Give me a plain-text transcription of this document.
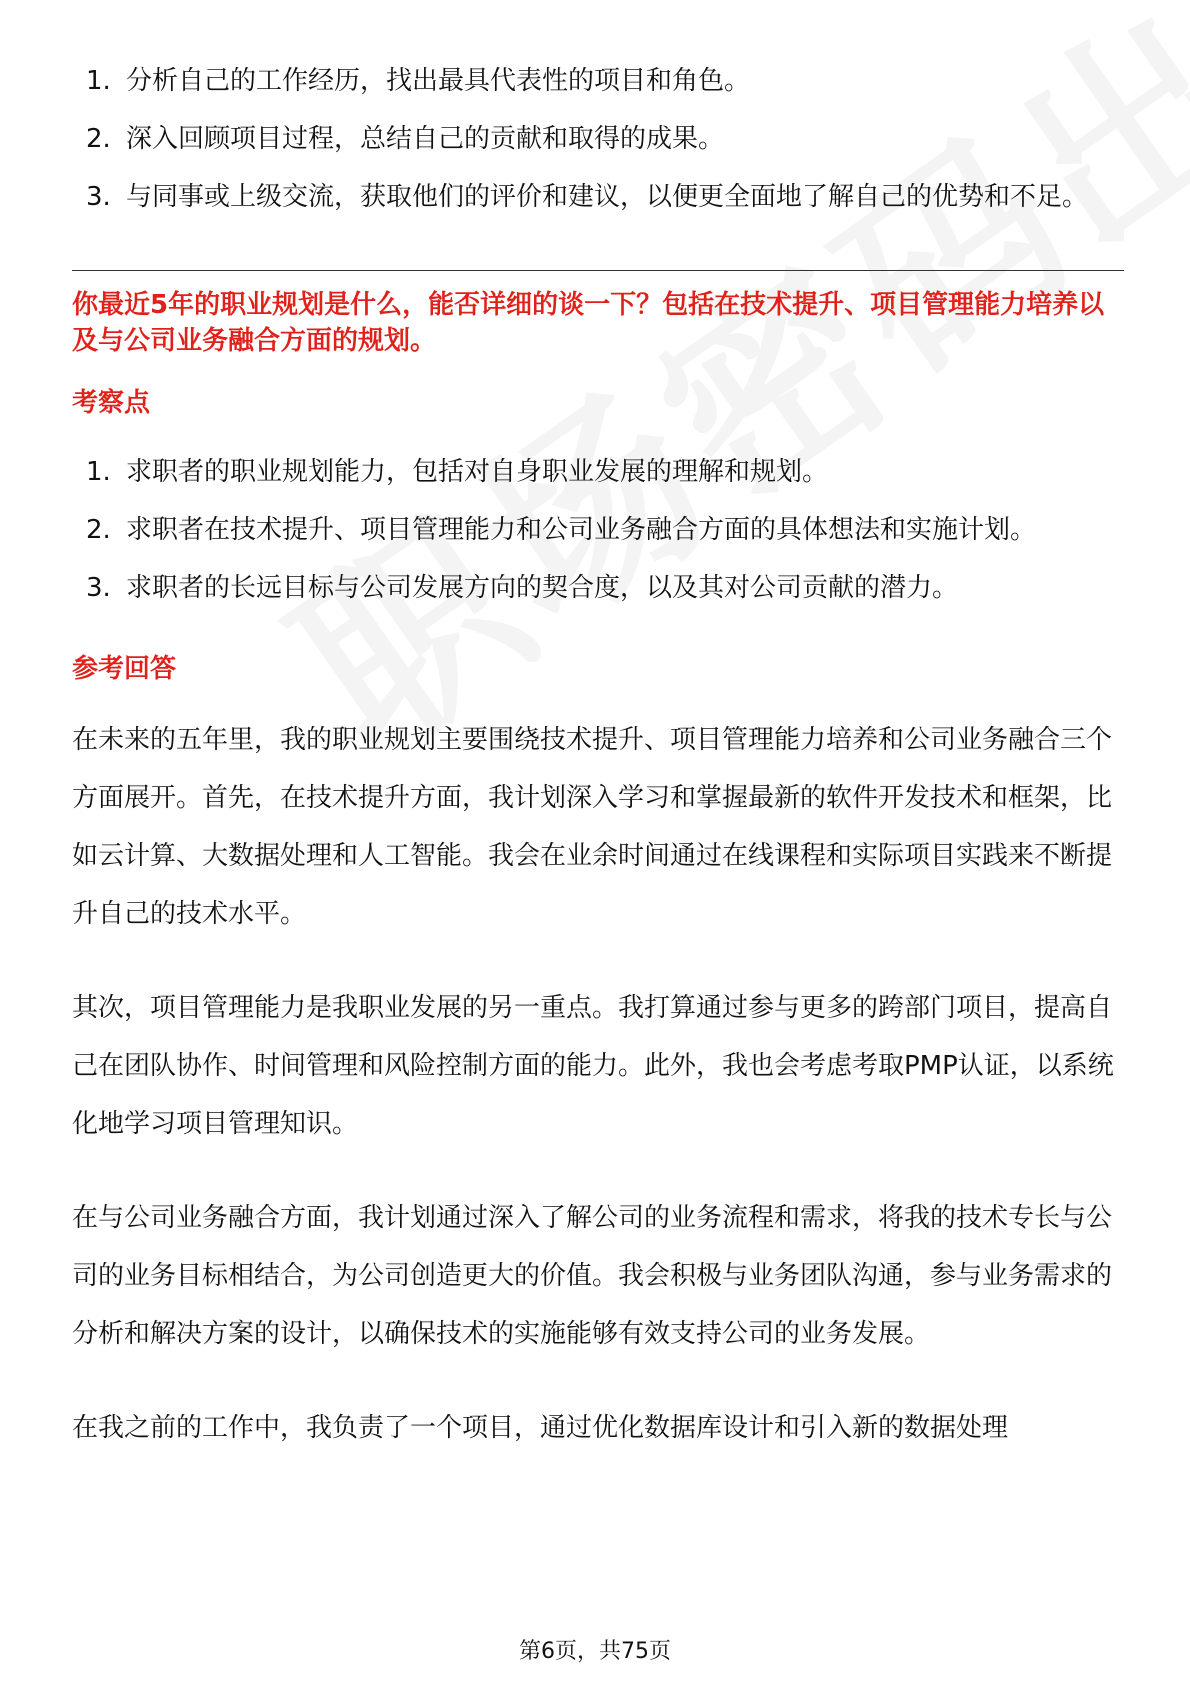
1. 分析自己的工作经历，找出最具代表性的项目和角色。
2. 深入回顾项目过程，总结自己的贡献和取得的成果。
3. 与同事或上级交流，获取他们的评价和建议，以便更全面地了解自己的优势和不足。

你最近5年的职业规划是什么，能否详细的谈一下？包括在技术提升、项目管理能力培养以及与公司业务融合方面的规划。

考察点
1. 求职者的职业规划能力，包括对自身职业发展的理解和规划。
2. 求职者在技术提升、项目管理能力和公司业务融合方面的具体想法和实施计划。
3. 求职者的长远目标与公司发展方向的契合度，以及其对公司贡献的潜力。
参考回答

在未来的五年里，我的职业规划主要围绕技术提升、项目管理能力培养和公司业务融合三个方面展开。首先，在技术提升方面，我计划深入学习和掌握最新的软件开发技术和框架，比如云计算、大数据处理和人工智能。我会在业余时间通过在线课程和实际项目实践来不断提升自己的技术水平。

其次，项目管理能力是我职业发展的另一重点。我打算通过参与更多的跨部门项目，提高自己在团队协作、时间管理和风险控制方面的能力。此外，我也会考虑考取PMP认证，以系统化地学习项目管理知识。

在与公司业务融合方面，我计划通过深入了解公司的业务流程和需求，将我的技术专长与公司的业务目标相结合，为公司创造更大的价值。我会积极与业务团队沟通，参与业务需求的分析和解决方案的设计，以确保技术的实施能够有效支持公司的业务发展。

在我之前的工作中，我负责了一个项目，通过优化数据库设计和引入新的数据处理

第6页，共75页
